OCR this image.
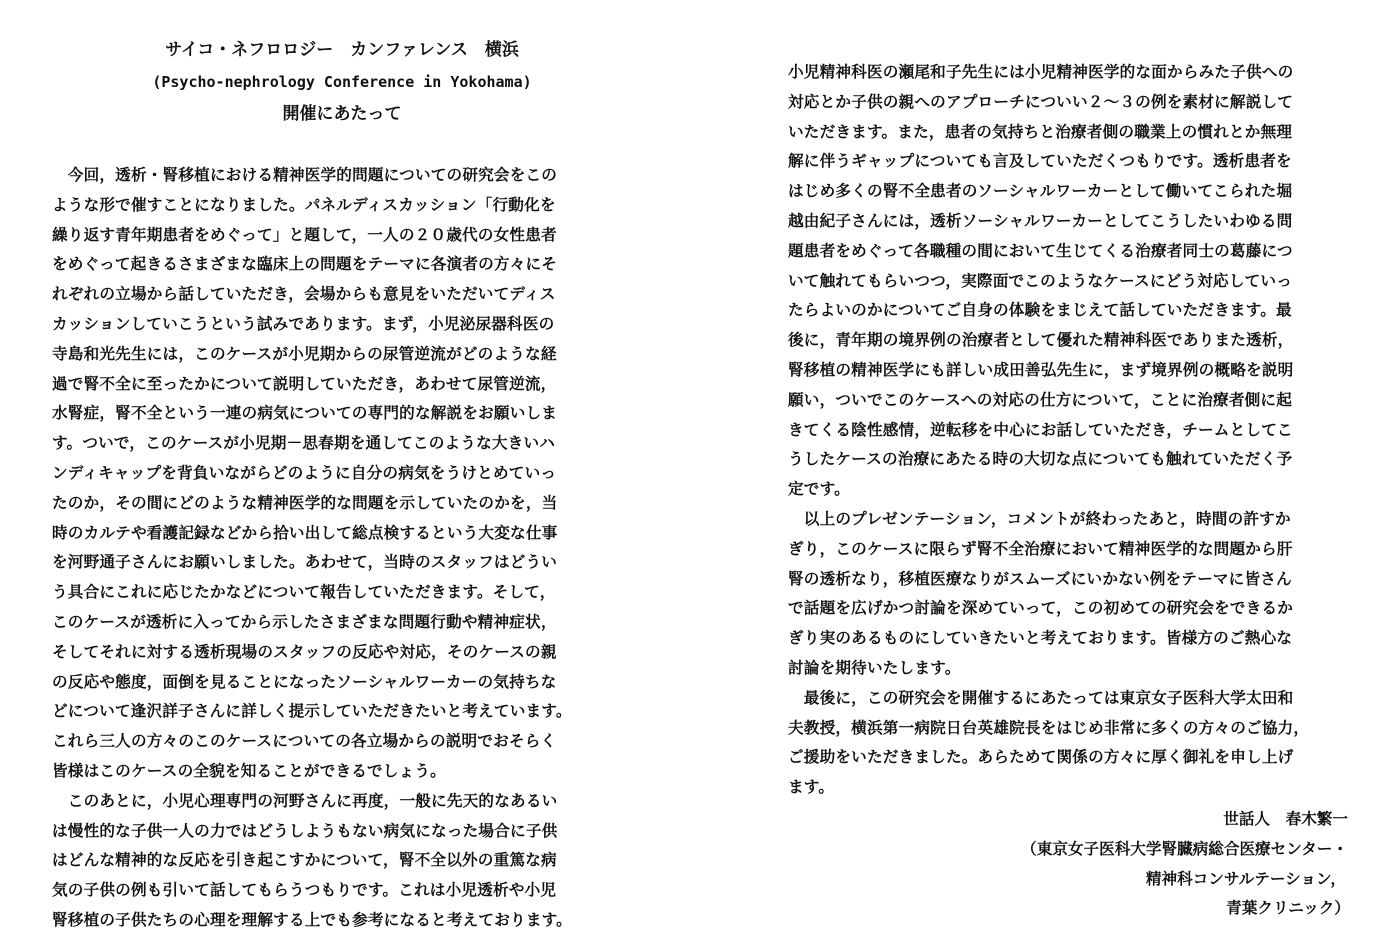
サイコ・ネフロロジー　カンファレンス　横浜
(Psycho-nephrology Conference in Yokohama)
開催にあたって
　今回，透析・腎移植における精神医学的問題についての研究会をこの
ような形で催すことになりました。パネルディスカッション「行動化を
繰り返す青年期患者をめぐって」と題して，一人の２０歳代の女性患者
をめぐって起きるさまざまな臨床上の問題をテーマに各演者の方々にそ
れぞれの立場から話していただき，会場からも意見をいただいてディス
カッションしていこうという試みであります。まず，小児泌尿器科医の
寺島和光先生には，このケースが小児期からの尿管逆流がどのような経
過で腎不全に至ったかについて説明していただき，あわせて尿管逆流，
水腎症，腎不全という一連の病気についての専門的な解説をお願いしま
す。ついで，このケースが小児期－思春期を通してこのような大きいハ
ンディキャップを背負いながらどのように自分の病気をうけとめていっ
たのか，その間にどのような精神医学的な問題を示していたのかを，当
時のカルテや看護記録などから拾い出して総点検するという大変な仕事
を河野通子さんにお願いしました。あわせて，当時のスタッフはどうい
う具合にこれに応じたかなどについて報告していただきます。そして，
このケースが透析に入ってから示したさまざまな問題行動や精神症状，
そしてそれに対する透析現場のスタッフの反応や対応，そのケースの親
の反応や態度，面倒を見ることになったソーシャルワーカーの気持ちな
どについて逢沢詳子さんに詳しく提示していただきたいと考えています。
これら三人の方々のこのケースについての各立場からの説明でおそらく
皆様はこのケースの全貌を知ることができるでしょう。
　このあとに，小児心理専門の河野さんに再度，一般に先天的なあるい
は慢性的な子供一人の力ではどうしようもない病気になった場合に子供
はどんな精神的な反応を引き起こすかについて，腎不全以外の重篤な病
気の子供の例も引いて話してもらうつもりです。これは小児透析や小児
腎移植の子供たちの心理を理解する上でも参考になると考えております。
小児精神科医の瀬尾和子先生には小児精神医学的な面からみた子供への
対応とか子供の親へのアプローチについい２～３の例を素材に解説して
いただきます。また，患者の気持ちと治療者側の職業上の慣れとか無理
解に伴うギャップについても言及していただくつもりです。透析患者を
はじめ多くの腎不全患者のソーシャルワーカーとして働いてこられた堀
越由紀子さんには，透析ソーシャルワーカーとしてこうしたいわゆる問
題患者をめぐって各職種の間において生じてくる治療者同士の葛藤につ
いて触れてもらいつつ，実際面でこのようなケースにどう対応していっ
たらよいのかについてご自身の体験をまじえて話していただきます。最
後に，青年期の境界例の治療者として優れた精神科医でありまた透析，
腎移植の精神医学にも詳しい成田善弘先生に，まず境界例の概略を説明
願い，ついでこのケースへの対応の仕方について，ことに治療者側に起
きてくる陰性感情，逆転移を中心にお話していただき，チームとしてこ
うしたケースの治療にあたる時の大切な点についても触れていただく予
定です。
　以上のプレゼンテーション，コメントが終わったあと，時間の許すか
ぎり，このケースに限らず腎不全治療において精神医学的な問題から肝
腎の透析なり，移植医療なりがスムーズにいかない例をテーマに皆さん
で話題を広げかつ討論を深めていって，この初めての研究会をできるか
ぎり実のあるものにしていきたいと考えております。皆様方のご熱心な
討論を期待いたします。
　最後に，この研究会を開催するにあたっては東京女子医科大学太田和
夫教授，横浜第一病院日台英雄院長をはじめ非常に多くの方々のご協力，
ご援助をいただきました。あらためて関係の方々に厚く御礼を申し上げ
ます。
世話人　春木繁一
（東京女子医科大学腎臓病総合医療センター・
精神科コンサルテーション，
青葉クリニック）
